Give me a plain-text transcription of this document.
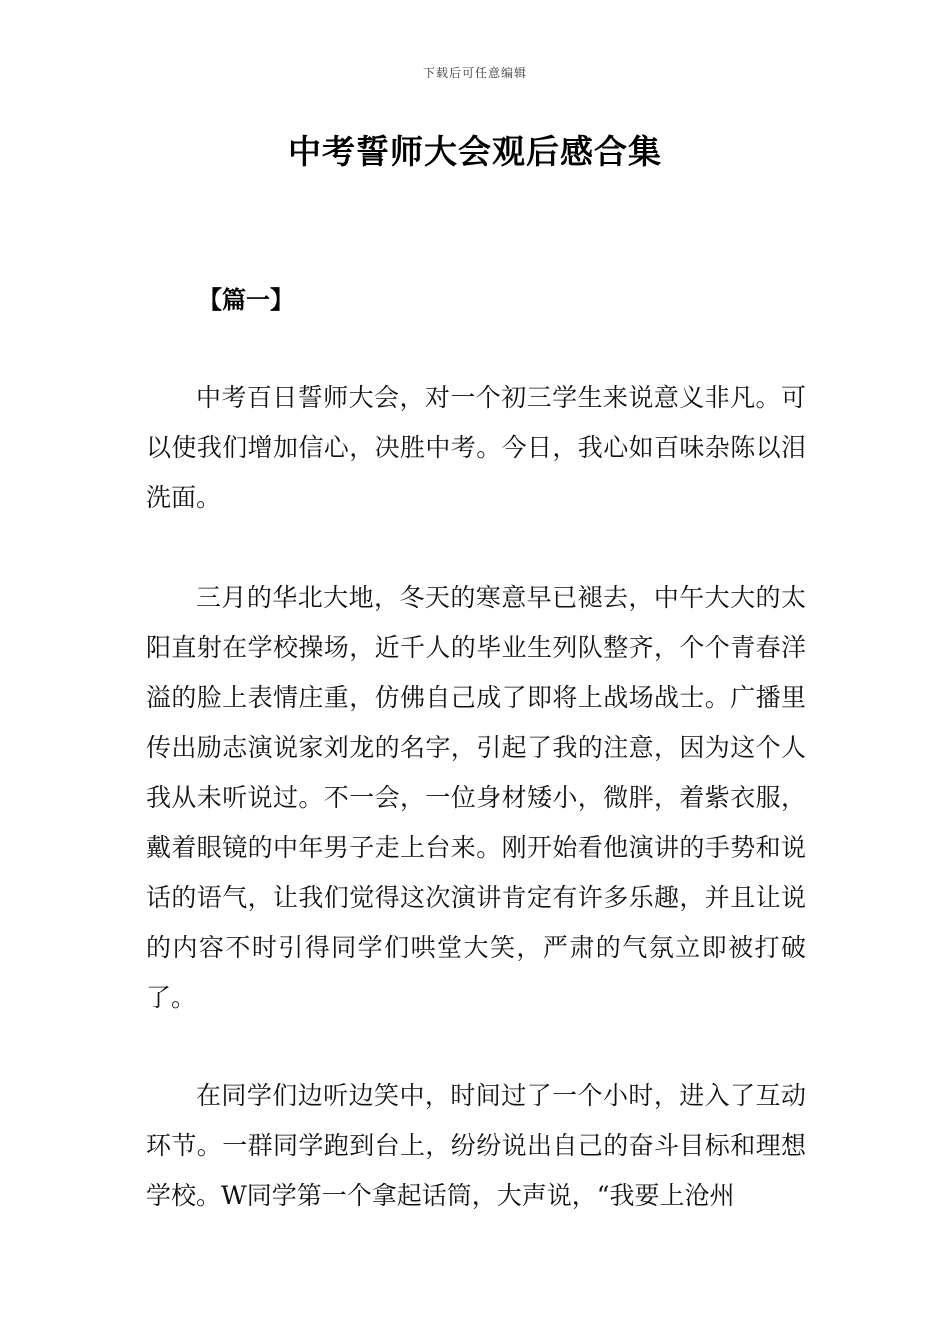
下载后可任意编辑
中考誓师大会观后感合集
【篇一】

中考百日誓师大会，对一个初三学生来说意义非凡。可以使我们增加信心，决胜中考。今日，我心如百味杂陈以泪洗面。

三月的华北大地，冬天的寒意早已褪去，中午大大的太阳直射在学校操场，近千人的毕业生列队整齐，个个青春洋溢的脸上表情庄重，仿佛自己成了即将上战场战士。广播里传出励志演说家刘龙的名字，引起了我的注意，因为这个人我从未听说过。不一会，一位身材矮小，微胖，着紫衣服，戴着眼镜的中年男子走上台来。刚开始看他演讲的手势和说话的语气，让我们觉得这次演讲肯定有许多乐趣，并且让说的内容不时引得同学们哄堂大笑，严肃的气氛立即被打破了。

在同学们边听边笑中，时间过了一个小时，进入了互动环节。一群同学跑到台上，纷纷说出自己的奋斗目标和理想学校。W同学第一个拿起话筒，大声说，“我要上沧州
